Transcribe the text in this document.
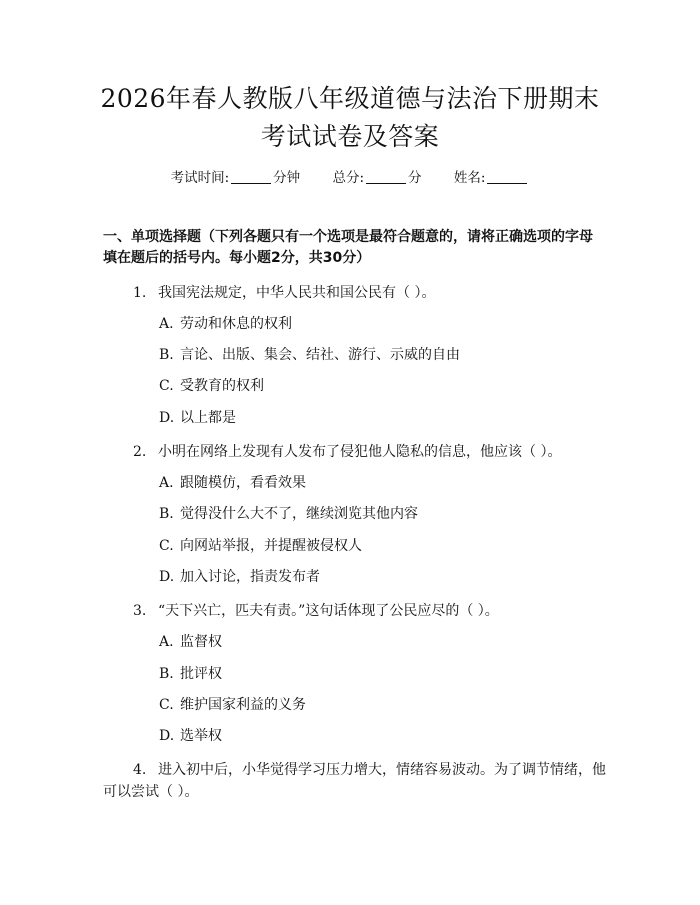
2026年春人教版八年级道德与法治下册期末
考试试卷及答案
考试时间:	分钟 总分:	分 姓名:
一、单项选择题（下列各题只有一个选项是最符合题意的，请将正确选项的字母
填在题后的括号内。每小题2分，共30分）
1. 我国宪法规定，中华人民共和国公民有（ ）。
A. 劳动和休息的权利
B. 言论、出版、集会、结社、游行、示威的自由
C. 受教育的权利
D. 以上都是
2. 小明在网络上发现有人发布了侵犯他人隐私的信息，他应该（ ）。
A. 跟随模仿，看看效果
B. 觉得没什么大不了，继续浏览其他内容
C. 向网站举报，并提醒被侵权人
D. 加入讨论，指责发布者
3. “天下兴亡，匹夫有责。”这句话体现了公民应尽的（ ）。
A. 监督权
B. 批评权
C. 维护国家利益的义务
D. 选举权
4. 进入初中后，小华觉得学习压力增大，情绪容易波动。为了调节情绪，他
可以尝试（ ）。
